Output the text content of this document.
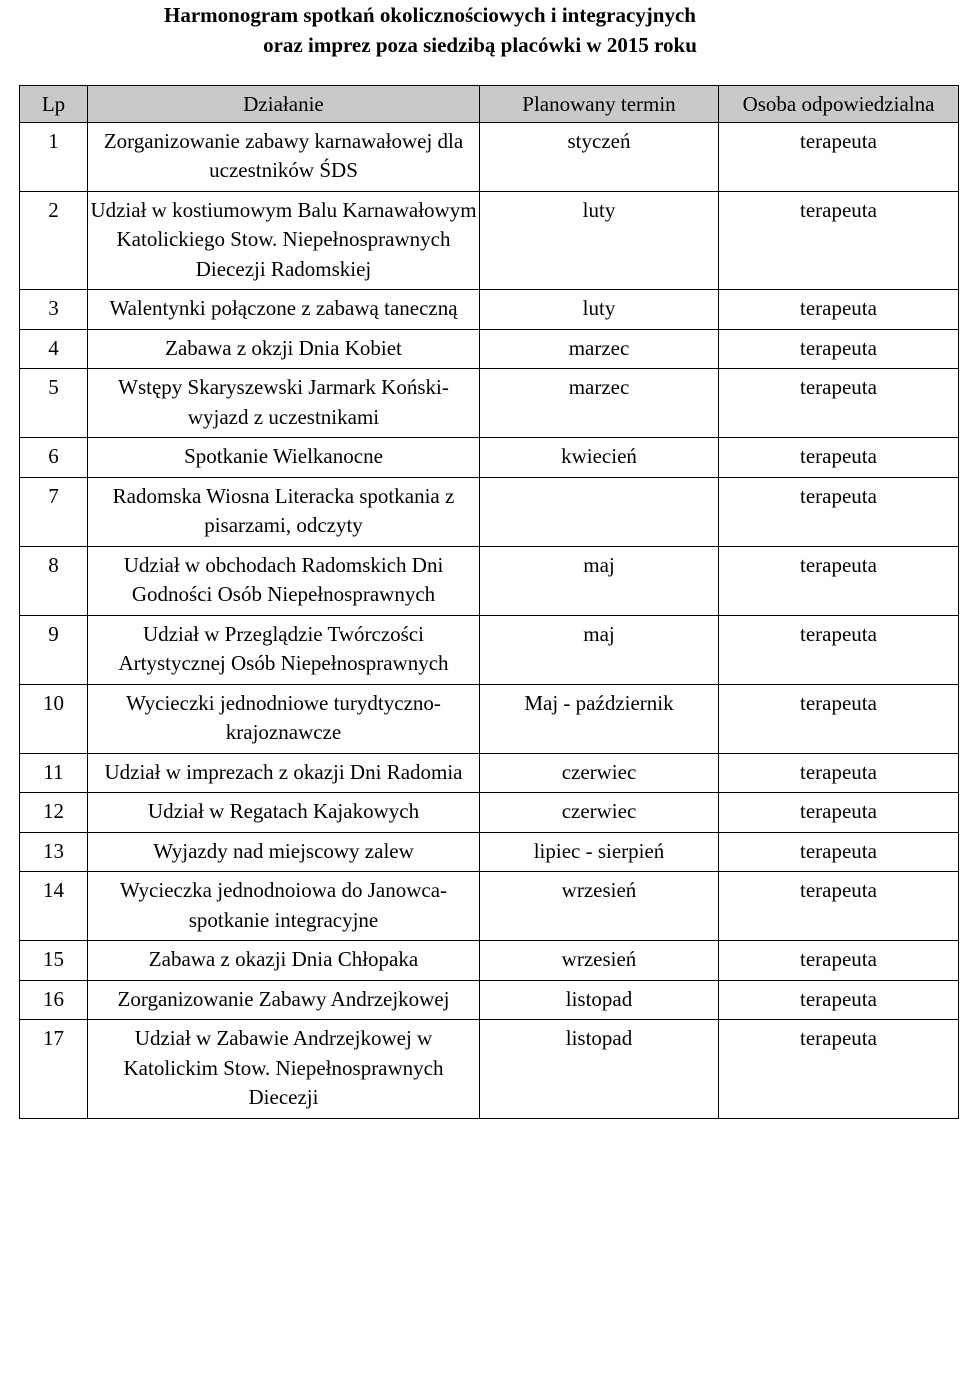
Harmonogram spotkań okolicznościowych i integracyjnych
oraz imprez poza siedzibą placówki w 2015 roku
Lp	Działanie	Planowany termin	Osoba odpowiedzialna
1	Zorganizowanie zabawy karnawałowej dla uczestników ŚDS	styczeń	terapeuta
2	Udział w kostiumowym Balu Karnawałowym Katolickiego Stow. Niepełnosprawnych Diecezji Radomskiej	luty	terapeuta
3	Walentynki połączone z zabawą taneczną	luty	terapeuta
4	Zabawa z okzji Dnia Kobiet	marzec	terapeuta
5	Wstępy Skaryszewski Jarmark Koński-wyjazd z uczestnikami	marzec	terapeuta
6	Spotkanie Wielkanocne	kwiecień	terapeuta
7	Radomska Wiosna Literacka spotkania z pisarzami, odczyty		terapeuta
8	Udział w obchodach Radomskich Dni Godności Osób Niepełnosprawnych	maj	terapeuta
9	Udział w Przeglądzie Twórczości Artystycznej Osób Niepełnosprawnych	maj	terapeuta
10	Wycieczki jednodniowe turydtyczno-krajoznawcze	Maj - październik	terapeuta
11	Udział w imprezach z okazji Dni Radomia	czerwiec	terapeuta
12	Udział w Regatach Kajakowych	czerwiec	terapeuta
13	Wyjazdy nad miejscowy zalew	lipiec - sierpień	terapeuta
14	Wycieczka jednodnoiowa do Janowca- spotkanie integracyjne	wrzesień	terapeuta
15	Zabawa z okazji Dnia Chłopaka	wrzesień	terapeuta
16	Zorganizowanie Zabawy Andrzejkowej	listopad	terapeuta
17	Udział w Zabawie Andrzejkowej w Katolickim Stow. Niepełnosprawnych Diecezji	listopad	terapeuta
